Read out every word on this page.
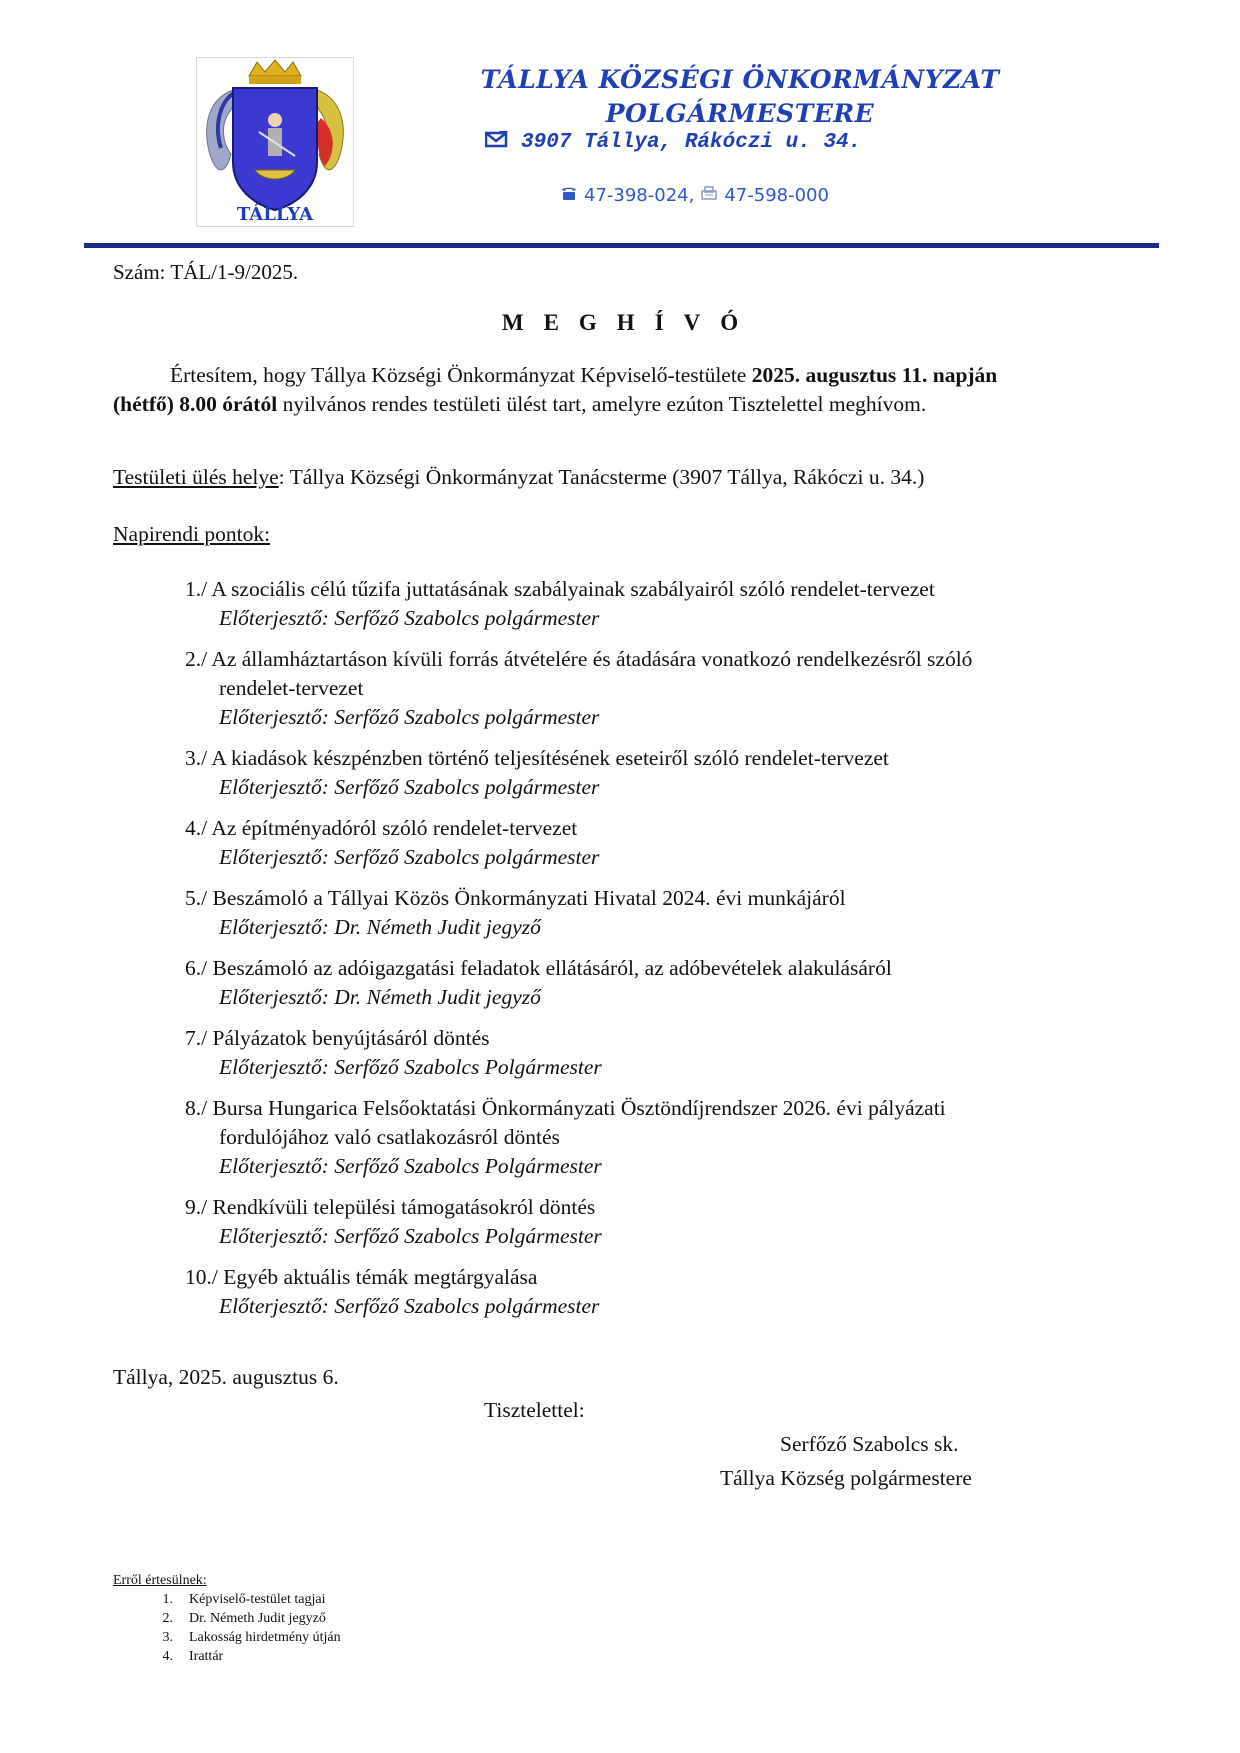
TÁLLYA
TÁLLYA KÖZSÉGI ÖNKORMÁNYZAT
POLGÁRMESTERE
3907 Tállya, Rákóczi u. 34.
47-398-024, 47-598-000
Szám: TÁL/1-9/2025.
MEGHÍVÓ
Értesítem, hogy Tállya Községi Önkormányzat Képviselő-testülete 2025. augusztus 11. napján
(hétfő) 8.00 órától nyilvános rendes testületi ülést tart, amelyre ezúton Tisztelettel meghívom.
Testületi ülés helye: Tállya Községi Önkormányzat Tanácsterme (3907 Tállya, Rákóczi u. 34.)
Napirendi pontok:
1./ A szociális célú tűzifa juttatásának szabályainak szabályairól szóló rendelet-tervezet
Előterjesztő: Serfőző Szabolcs polgármester
2./ Az államháztartáson kívüli forrás átvételére és átadására vonatkozó rendelkezésről szóló
rendelet-tervezet
Előterjesztő: Serfőző Szabolcs polgármester
3./ A kiadások készpénzben történő teljesítésének eseteiről szóló rendelet-tervezet
Előterjesztő: Serfőző Szabolcs polgármester
4./ Az építményadóról szóló rendelet-tervezet
Előterjesztő: Serfőző Szabolcs polgármester
5./ Beszámoló a Tállyai Közös Önkormányzati Hivatal 2024. évi munkájáról
Előterjesztő: Dr. Németh Judit jegyző
6./ Beszámoló az adóigazgatási feladatok ellátásáról, az adóbevételek alakulásáról
Előterjesztő: Dr. Németh Judit jegyző
7./ Pályázatok benyújtásáról döntés
Előterjesztő: Serfőző Szabolcs Polgármester
8./ Bursa Hungarica Felsőoktatási Önkormányzati Ösztöndíjrendszer 2026. évi pályázati
fordulójához való csatlakozásról döntés
Előterjesztő: Serfőző Szabolcs Polgármester
9./ Rendkívüli települési támogatásokról döntés
Előterjesztő: Serfőző Szabolcs Polgármester
10./ Egyéb aktuális témák megtárgyalása
Előterjesztő: Serfőző Szabolcs polgármester
Tállya, 2025. augusztus 6.
Tisztelettel:
Serfőző Szabolcs sk.
Tállya Község polgármestere
Erről értesülnek:
1.	Képviselő-testület tagjai
2.	Dr. Németh Judit jegyző
3.	Lakosság hirdetmény útján
4.	Irattár
